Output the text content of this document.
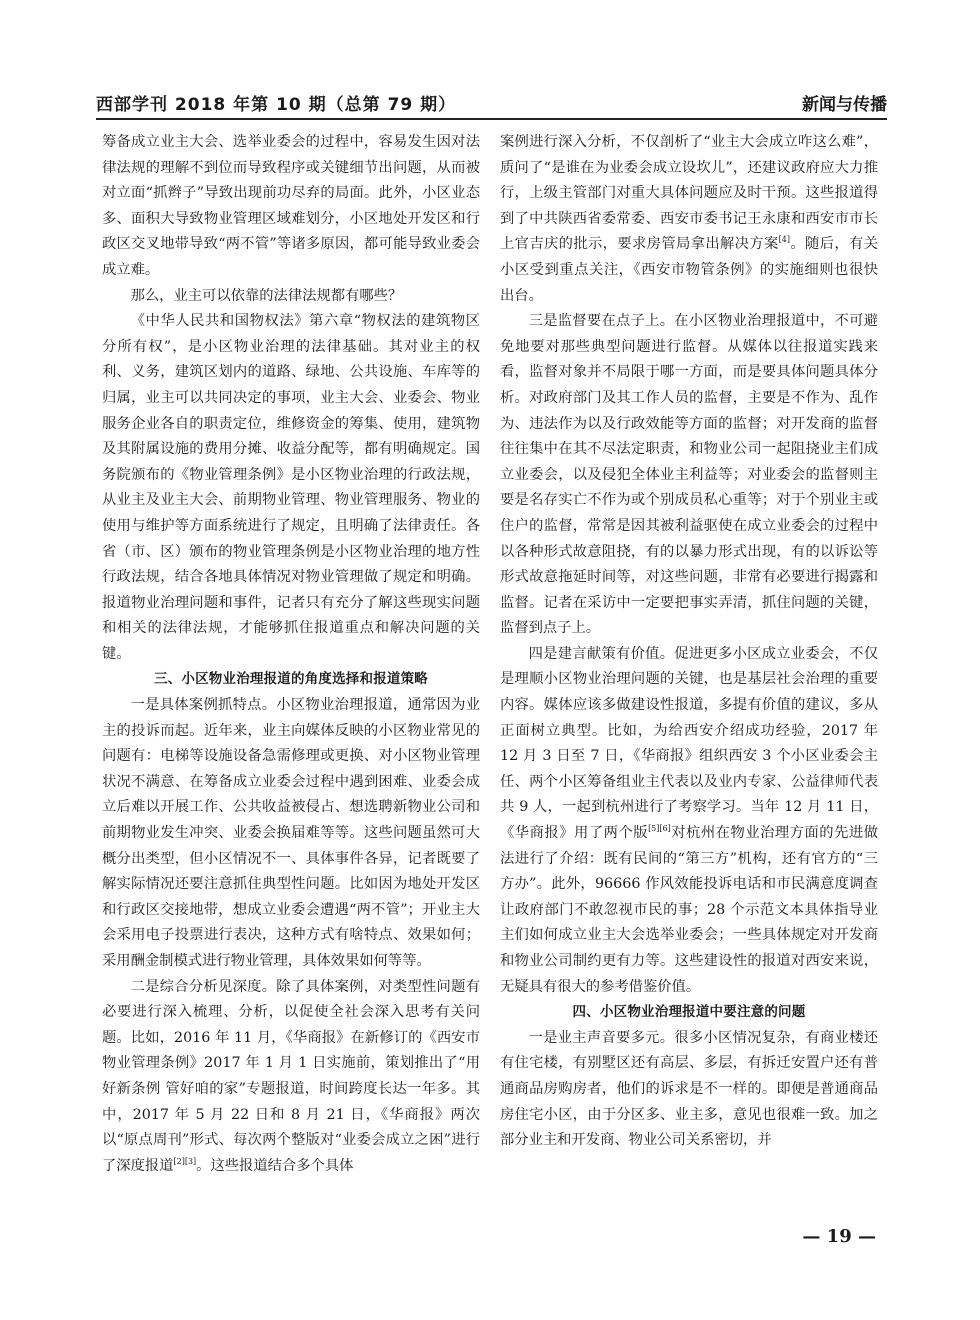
西部学刊 2018 年第 10 期（总第 79 期）	新闻与传播

筹备成立业主大会、选举业委会的过程中，容易发生因对法律法规的理解不到位而导致程序或关键细节出问题，从而被对立面“抓辫子”导致出现前功尽弃的局面。此外，小区业态多、面积大导致物业管理区域难划分，小区地处开发区和行政区交叉地带导致“两不管”等诸多原因，都可能导致业委会成立难。

那么，业主可以依靠的法律法规都有哪些？

《中华人民共和国物权法》第六章“物权法的建筑物区分所有权”，是小区物业治理的法律基础。其对业主的权利、义务，建筑区划内的道路、绿地、公共设施、车库等的归属，业主可以共同决定的事项，业主大会、业委会、物业服务企业各自的职责定位，维修资金的筹集、使用，建筑物及其附属设施的费用分摊、收益分配等，都有明确规定。国务院颁布的《物业管理条例》是小区物业治理的行政法规，从业主及业主大会、前期物业管理、物业管理服务、物业的使用与维护等方面系统进行了规定，且明确了法律责任。各省（市、区）颁布的物业管理条例是小区物业治理的地方性行政法规，结合各地具体情况对物业管理做了规定和明确。报道物业治理问题和事件，记者只有充分了解这些现实问题和相关的法律法规，才能够抓住报道重点和解决问题的关键。

三、小区物业治理报道的角度选择和报道策略

一是具体案例抓特点。小区物业治理报道，通常因为业主的投诉而起。近年来，业主向媒体反映的小区物业常见的问题有：电梯等设施设备急需修理或更换、对小区物业管理状况不满意、在筹备成立业委会过程中遇到困难、业委会成立后难以开展工作、公共收益被侵占、想选聘新物业公司和前期物业发生冲突、业委会换届难等等。这些问题虽然可大概分出类型，但小区情况不一、具体事件各异，记者既要了解实际情况还要注意抓住典型性问题。比如因为地处开发区和行政区交接地带，想成立业委会遭遇“两不管”；开业主大会采用电子投票进行表决，这种方式有啥特点、效果如何；采用酬金制模式进行物业管理，具体效果如何等等。

二是综合分析见深度。除了具体案例，对类型性问题有必要进行深入梳理、分析，以促使全社会深入思考有关问题。比如，2016 年 11 月，《华商报》在新修订的《西安市物业管理条例》2017 年 1 月 1 日实施前，策划推出了“用好新条例 管好咱的家”专题报道，时间跨度长达一年多。其中，2017 年 5 月 22 日和 8 月 21 日，《华商报》两次以“原点周刊”形式、每次两个整版对“业委会成立之困”进行了深度报道[2][3]。这些报道结合多个具体

案例进行深入分析，不仅剖析了“业主大会成立咋这么难”，质问了“是谁在为业委会成立设坎儿”，还建议政府应大力推行，上级主管部门对重大具体问题应及时干预。这些报道得到了中共陕西省委常委、西安市委书记王永康和西安市市长上官吉庆的批示，要求房管局拿出解决方案[4]。随后，有关小区受到重点关注，《西安市物管条例》的实施细则也很快出台。

三是监督要在点子上。在小区物业治理报道中，不可避免地要对那些典型问题进行监督。从媒体以往报道实践来看，监督对象并不局限于哪一方面，而是要具体问题具体分析。对政府部门及其工作人员的监督，主要是不作为、乱作为、违法作为以及行政效能等方面的监督；对开发商的监督往往集中在其不尽法定职责，和物业公司一起阻挠业主们成立业委会，以及侵犯全体业主利益等；对业委会的监督则主要是名存实亡不作为或个别成员私心重等；对于个别业主或住户的监督，常常是因其被利益驱使在成立业委会的过程中以各种形式故意阻挠，有的以暴力形式出现，有的以诉讼等形式故意拖延时间等，对这些问题，非常有必要进行揭露和监督。记者在采访中一定要把事实弄清，抓住问题的关键，监督到点子上。

四是建言献策有价值。促进更多小区成立业委会，不仅是理顺小区物业治理问题的关键，也是基层社会治理的重要内容。媒体应该多做建设性报道，多提有价值的建议，多从正面树立典型。比如，为给西安介绍成功经验，2017 年 12 月 3 日至 7 日，《华商报》组织西安 3 个小区业委会主任、两个小区筹备组业主代表以及业内专家、公益律师代表共 9 人，一起到杭州进行了考察学习。当年 12 月 11 日，《华商报》用了两个版[5][6]对杭州在物业治理方面的先进做法进行了介绍：既有民间的“第三方”机构，还有官方的“三方办”。此外，96666 作风效能投诉电话和市民满意度调查让政府部门不敢忽视市民的事；28 个示范文本具体指导业主们如何成立业主大会选举业委会；一些具体规定对开发商和物业公司制约更有力等。这些建设性的报道对西安来说，无疑具有很大的参考借鉴价值。

四、小区物业治理报道中要注意的问题

一是业主声音要多元。很多小区情况复杂，有商业楼还有住宅楼，有别墅区还有高层、多层，有拆迁安置户还有普通商品房购房者，他们的诉求是不一样的。即便是普通商品房住宅小区，由于分区多、业主多，意见也很难一致。加之部分业主和开发商、物业公司关系密切，并

— 19 —
